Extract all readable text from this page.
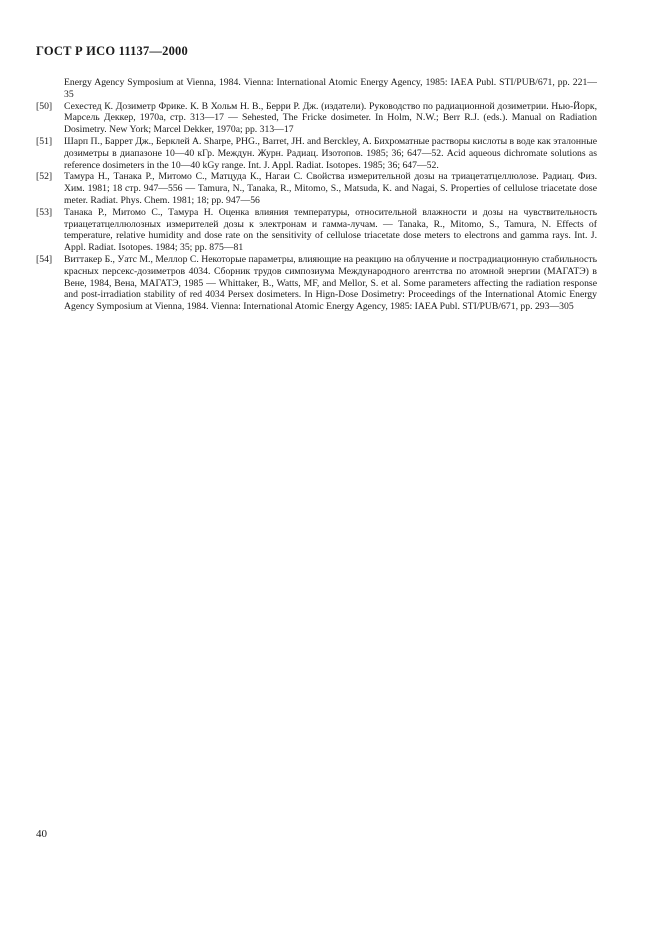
ГОСТ Р ИСО 11137—2000
Energy Agency Symposium at Vienna, 1984. Vienna: International Atomic Energy Agency, 1985: IAEA Publ. STI/PUB/671, pp. 221—35
[50] Сехестед К. Дозиметр Фрике. К. В Хольм Н. В., Берри Р. Дж. (издатели). Руководство по радиационной дозиметрии. Нью-Йорк, Марсель Деккер, 1970а, стр. 313—17 — Sehested, The Fricke dosimeter. In Holm, N.W.; Berr R.J. (eds.). Manual on Radiation Dosimetry. New York; Marcel Dekker, 1970a; pp. 313—17
[51] Шарп П., Баррет Дж., Берклей A. Sharpe, PHG., Barret, JH. and Berckley, A. Бихроматные растворы кислоты в воде как эталонные дозиметры в диапазоне 10—40 кГр. Междун. Журн. Радиац. Изотопов. 1985; 36; 647—52. Acid aqueous dichromate solutions as reference dosimeters in the 10—40 kGy range. Int. J. Appl. Radiat. Isotopes. 1985; 36; 647—52.
[52] Тамура Н., Танака Р., Митомо С., Матцуда К., Нагаи С. Свойства измерительной дозы на триацетатцеллюлозе. Радиац. Физ. Хим. 1981; 18 стр. 947—556 — Tamura, N., Tanaka, R., Mitomo, S., Matsuda, K. and Nagai, S. Properties of cellulose triacetate dose meter. Radiat. Phys. Chem. 1981; 18; pp. 947—56
[53] Танака Р., Митомо С., Тамура Н. Оценка влияния температуры, относительной влажности и дозы на чувствительность триацетатцеллюлозных измерителей дозы к электронам и гамма-лучам. — Tanaka, R., Mitomo, S., Tamura, N. Effects of temperature, relative humidity and dose rate on the sensitivity of cellulose triacetate dose meters to electrons and gamma rays. Int. J. Appl. Radiat. Isotopes. 1984; 35; pp. 875—81
[54] Виттакер Б., Уатс М., Меллор С. Некоторые параметры, влияющие на реакцию на облучение и пострадиационную стабильность красных персекс-дозиметров 4034. Сборник трудов симпозиума Международного агентства по атомной энергии (МАГАТЭ) в Вене, 1984, Вена, МАГАТЭ, 1985 — Whittaker, B., Watts, MF, and Mellor, S. et al. Some parameters affecting the radiation response and post-irradiation stability of red 4034 Persex dosimeters. In Hign-Dose Dosimetry: Proceedings of the International Atomic Energy Agency Symposium at Vienna, 1984. Vienna: International Atomic Energy Agency, 1985: IAEA Publ. STI/PUB/671, pp. 293—305
40
